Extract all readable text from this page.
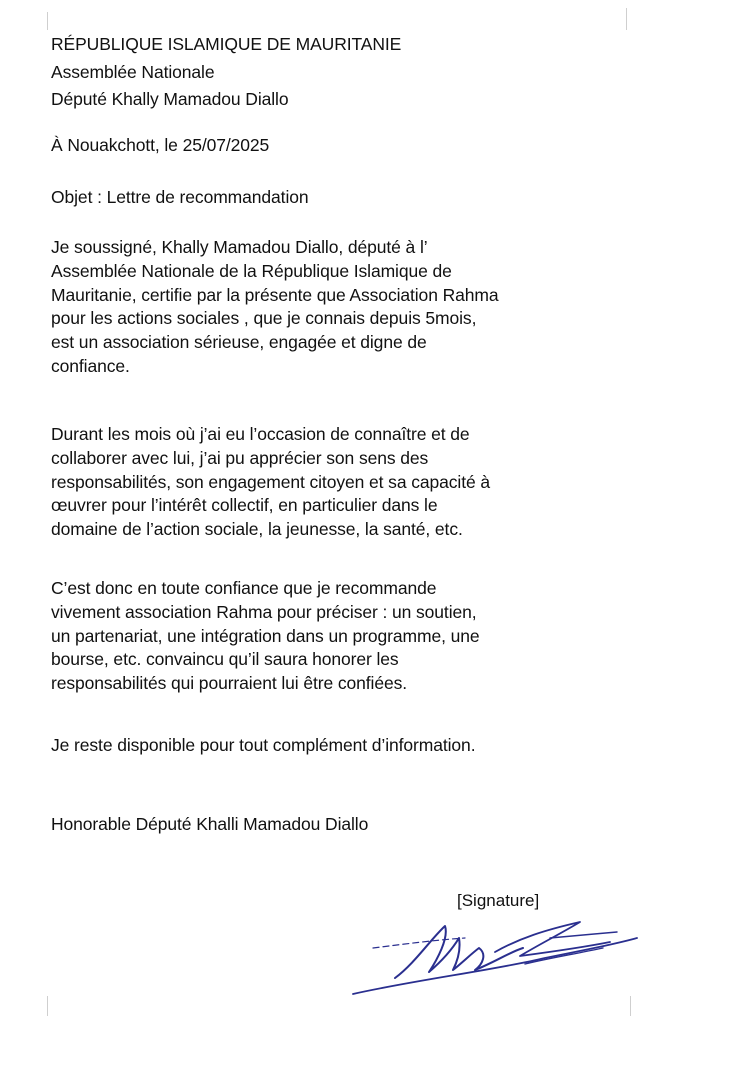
RÉPUBLIQUE ISLAMIQUE DE MAURITANIE
Assemblée Nationale
Député Khally Mamadou Diallo
À Nouakchott, le 25/07/2025
Objet : Lettre de recommandation
Je soussigné, Khally Mamadou Diallo, député à l’
Assemblée Nationale de la République Islamique de
Mauritanie, certifie par la présente que Association Rahma
pour les actions sociales , que je connais depuis 5mois,
est un association sérieuse, engagée et digne de
confiance.
Durant les mois où j’ai eu l’occasion de connaître et de
collaborer avec lui, j’ai pu apprécier son sens des
responsabilités, son engagement citoyen et sa capacité à
œuvrer pour l’intérêt collectif, en particulier dans le
domaine de l’action sociale, la jeunesse, la santé, etc.
C’est donc en toute confiance que je recommande
vivement association Rahma pour préciser : un soutien,
un partenariat, une intégration dans un programme, une
bourse, etc. convaincu qu’il saura honorer les
responsabilités qui pourraient lui être confiées.
Je reste disponible pour tout complément d’information.
Honorable Député Khalli Mamadou Diallo
[Signature]
